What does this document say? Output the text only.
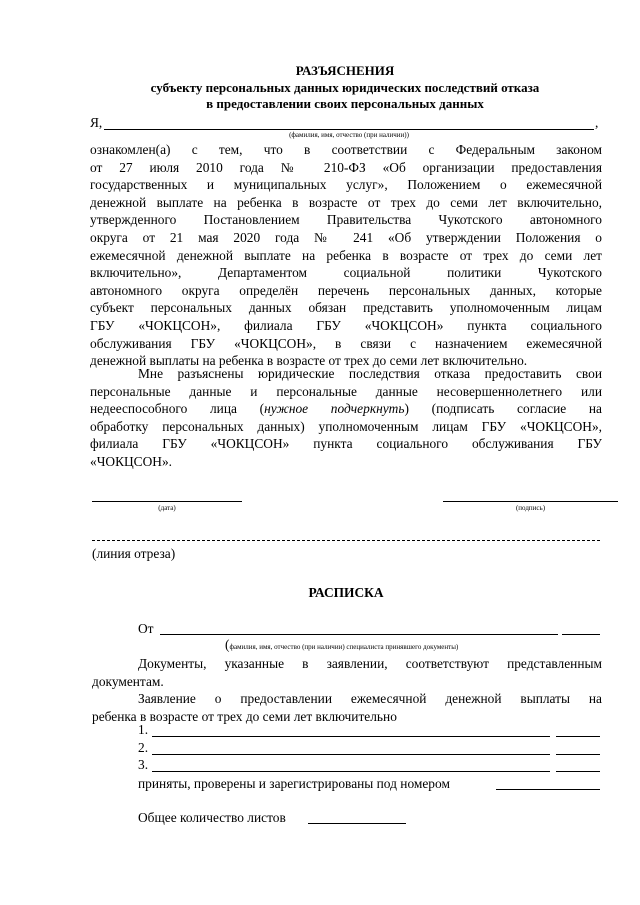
РАЗЪЯСНЕНИЯ
субъекту персональных данных юридических последствий отказа
в предоставлении своих персональных данных
Я,	,
(фамилия, имя, отчество (при наличии))
ознакомлен(а) с тем, что в соответствии с Федеральным законом
от 27 июля 2010 года № 210-ФЗ «Об организации предоставления
государственных и муниципальных услуг», Положением о ежемесячной
денежной выплате на ребенка в возрасте от трех до семи лет включительно,
утвержденного Постановлением Правительства Чукотского автономного
округа от 21 мая 2020 года № 241 «Об утверждении Положения о
ежемесячной денежной выплате на ребенка в возрасте от трех до семи лет
включительно», Департаментом социальной политики Чукотского
автономного округа определён перечень персональных данных, которые
субъект персональных данных обязан представить уполномоченным лицам
ГБУ «ЧОКЦСОН», филиала ГБУ «ЧОКЦСОН» пункта социального
обслуживания ГБУ «ЧОКЦСОН», в связи с назначением ежемесячной
денежной выплаты на ребенка в возрасте от трех до семи лет включительно.
Мне разъяснены юридические последствия отказа предоставить свои
персональные данные и персональные данные несовершеннолетнего или
недееспособного лица (нужное подчеркнуть) (подписать согласие на
обработку персональных данных) уполномоченным лицам ГБУ «ЧОКЦСОН»,
филиала ГБУ «ЧОКЦСОН» пункта социального обслуживания ГБУ
«ЧОКЦСОН».
(дата)	(подпись)
(линия отреза)
РАСПИСКА
От
(фамилия, имя, отчество (при наличии) специалиста принявшего документы)
Документы, указанные в заявлении, соответствуют представленным
документам.
Заявление о предоставлении ежемесячной денежной выплаты на
ребенка в возрасте от трех до семи лет включительно
1.
2.
3.
приняты, проверены и зарегистрированы под номером
Общее количество листов
